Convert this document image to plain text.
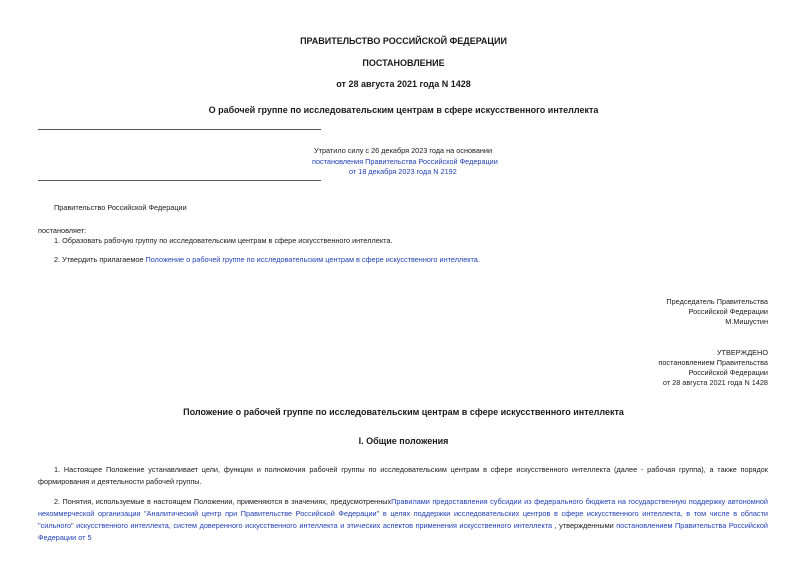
ПРАВИТЕЛЬСТВО РОССИЙСКОЙ ФЕДЕРАЦИИ
ПОСТАНОВЛЕНИЕ
от 28 августа 2021 года N 1428
О рабочей группе по исследовательским центрам в сфере искусственного интеллекта
Утратило силу с 26 декабря 2023 года на основании
постановления Правительства Российской Федерации
от 18 декабря 2023 года N 2192
Правительство Российской Федерации
постановляет:
1. Образовать рабочую группу по исследовательским центрам в сфере искусственного интеллекта.
2. Утвердить прилагаемое Положение о рабочей группе по исследовательским центрам в сфере искусственного интеллекта.
Председатель Правительства
Российской Федерации
М.Мишустин
УТВЕРЖДЕНО
постановлением Правительства
Российской Федерации
от 28 августа 2021 года N 1428
Положение о рабочей группе по исследовательским центрам в сфере искусственного интеллекта
I. Общие положения
1. Настоящее Положение устанавливает цели, функции и полномочия рабочей группы по исследовательским центрам в сфере искусственного интеллекта (далее - рабочая группа), а также порядок формирования и деятельности рабочей группы.
2. Понятия, используемые в настоящем Положении, применяются в значениях, предусмотренныхПравилами предоставления субсидии из федерального бюджета на государственную поддержку автономной некоммерческой организации "Аналитический центр при Правительстве Российской Федерации" в целях поддержки исследовательских центров в сфере искусственного интеллекта, в том числе в области "сильного" искусственного интеллекта, систем доверенного искусственного интеллекта и этических аспектов применения искусственного интеллекта , утвержденными постановлением Правительства Российской Федерации от 5
